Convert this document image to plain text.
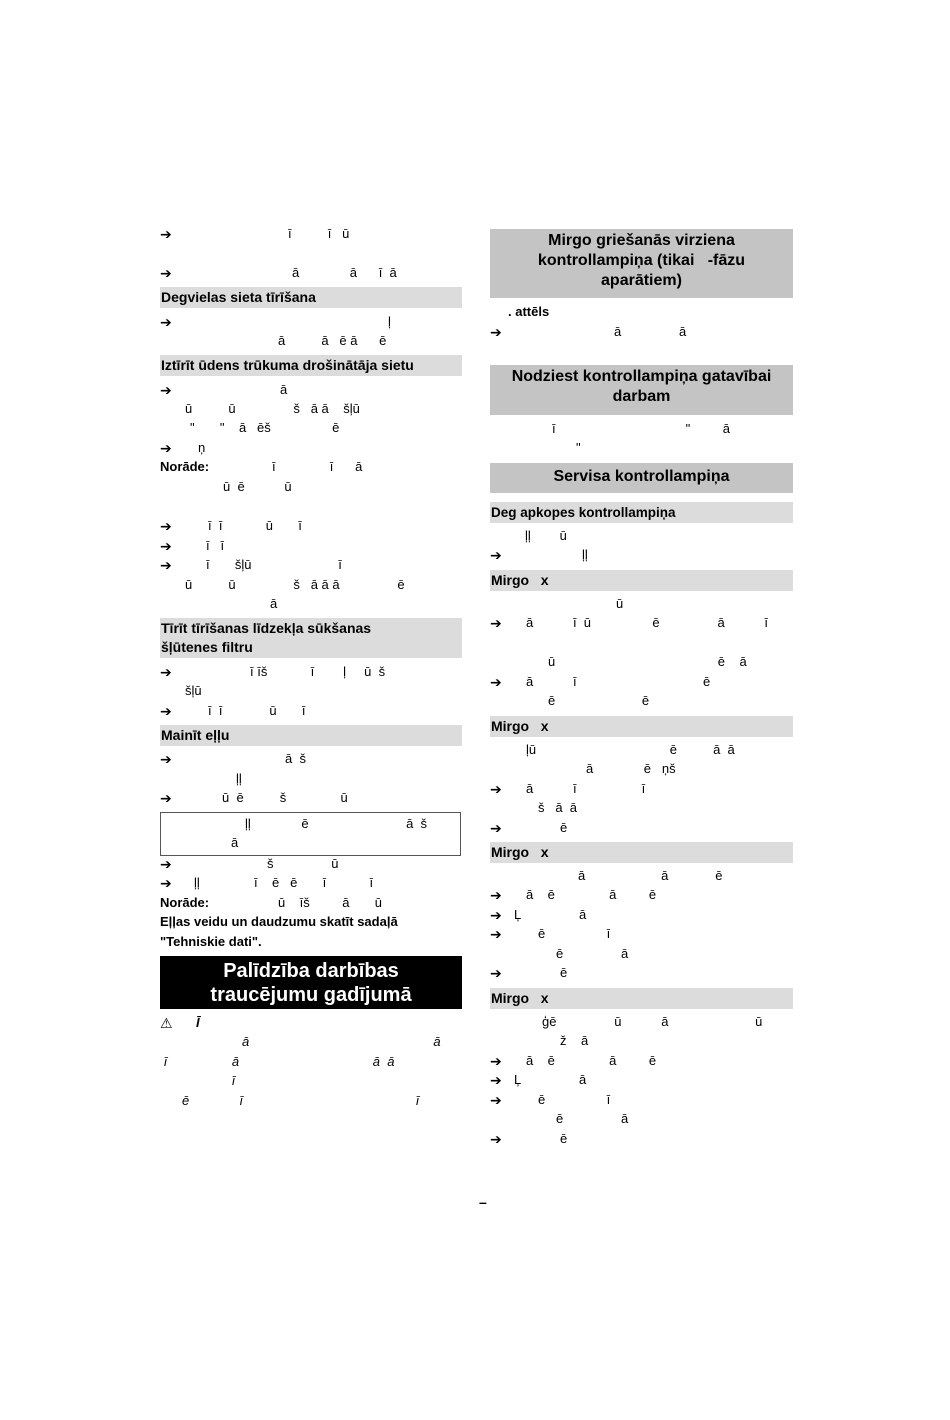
➔	ī          ī   ū
➔	ā              ā      ī  ā
Degvielas sieta tīrīšana
➔	ļ
ā          ā   ē ā      ē
Iztīrīt ūdens trūkuma drošinātāja sietu
➔	ā
ū          ū                š   ā ā    šļū
"       "    ā   ēš                 ē
➔ ņ
Norāde:	ī               ī      ā
ū  ē           ū
➔	ī  ī            ū       ī
➔	ī   ī
➔	ī       šļū                        ī
ū          ū                š   ā ā ā                ē
ā
Tīrīt tīrīšanas līdzekļa sūkšanas
šļūtenes filtru
➔	ī īš            ī        ļ     ū  š
šļū
➔	ī  ī             ū       ī
Mainīt eļļu
➔	ā  š
ļļ
➔	ū  ē          š               ū
ļļ              ē                           ā  š
ā
➔	š                ū
➔ ļļ               ī    ē   ē       ī            ī
Norāde:	ū    īš         ā       ū
Eļļas veidu un daudzumu skatīt sadaļā
"Tehniskie dati".
Palīdzība darbības
traucējumu gadījumā
⚠ Ī
ā                                                   ā
ī                  ā                                     ā  ā
ī
ē              ī                                                ī
Mirgo griešanās virziena
kontrollampiņa (tikai   -fāzu
aparātiem)
. attēls
➔	ā                ā
Nodziest kontrollampiņa gatavībai
darbam
ī                                    "         ā
"
Servisa kontrollampiņa
Deg apkopes kontrollampiņa
ļļ        ū
➔	ļļ
Mirgo   x
ū
➔ ā           ī  ū                 ē                ā           ī
ū                                             ē    ā
➔ ā           ī                                   ē
ē                        ē
Mirgo   x
ļū                                     ē          ā  ā
ā              ē   ņš
➔ ā           ī                  ī
š   ā  ā
➔	ē
Mirgo   x
ā                     ā             ē
➔ ā    ē               ā         ē
➔ Ļ                ā
➔	ē                 ī
ē                ā
➔	ē
Mirgo   x
ģē                ū           ā                        ū
ž    ā
➔ ā    ē               ā         ē
➔ Ļ                ā
➔	ē                 ī
ē                ā
➔	ē
–
